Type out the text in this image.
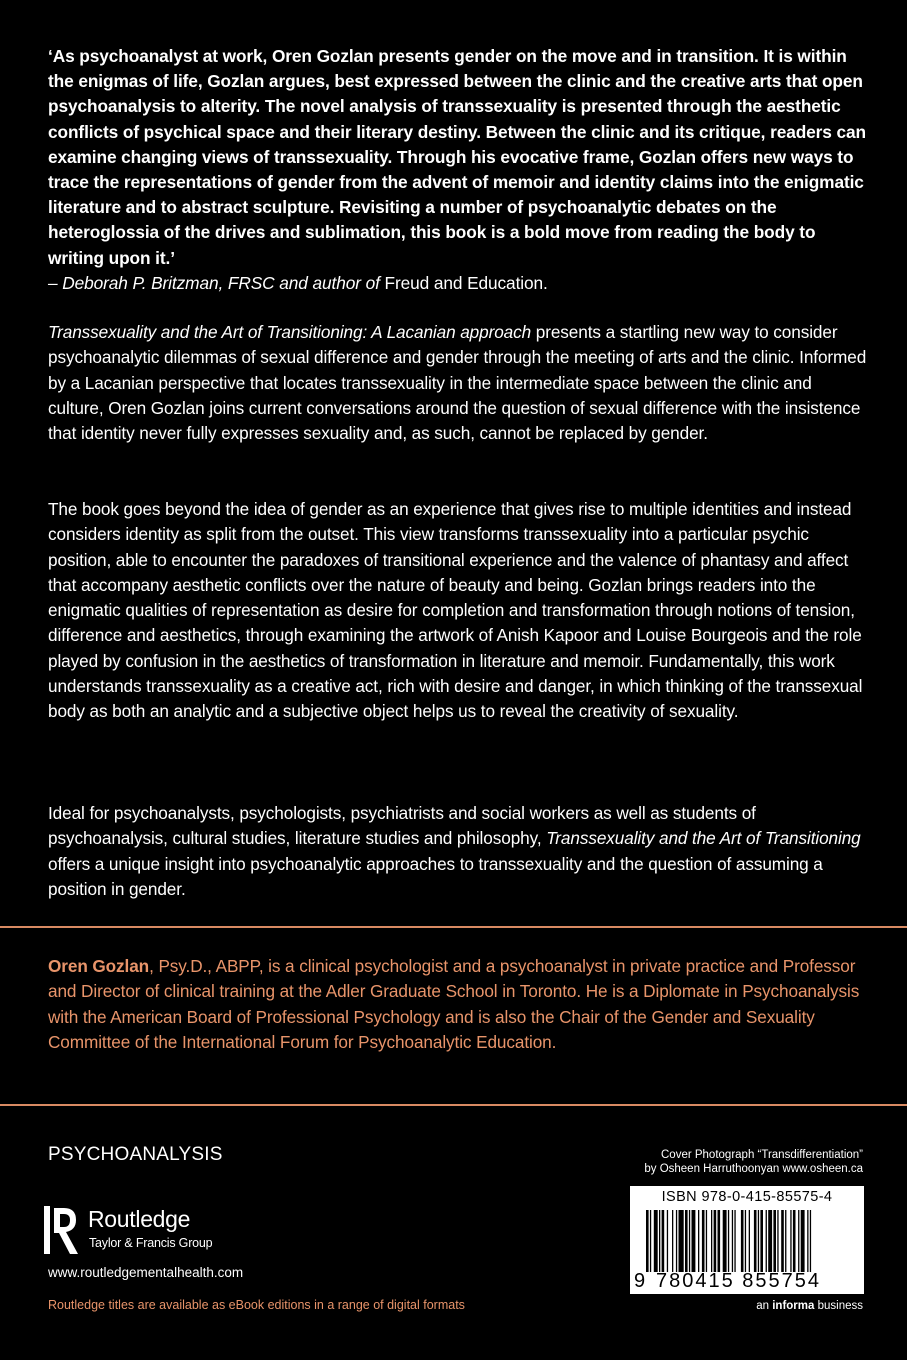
‘As psychoanalyst at work, Oren Gozlan presents gender on the move and in transition. It is within the enigmas of life, Gozlan argues, best expressed between the clinic and the creative arts that open psychoanalysis to alterity. The novel analysis of transsexuality is presented through the aesthetic conflicts of psychical space and their literary destiny. Between the clinic and its critique, readers can examine changing views of transsexuality. Through his evocative frame, Gozlan offers new ways to trace the representations of gender from the advent of memoir and identity claims into the enigmatic literature and to abstract sculpture. Revisiting a number of psychoanalytic debates on the heteroglossia of the drives and sublimation, this book is a bold move from reading the body to writing upon it.’
– Deborah P. Britzman, FRSC and author of Freud and Education.

Transsexuality and the Art of Transitioning: A Lacanian approach presents a startling new way to consider psychoanalytic dilemmas of sexual difference and gender through the meeting of arts and the clinic. Informed by a Lacanian perspective that locates transsexuality in the intermediate space between the clinic and culture, Oren Gozlan joins current conversations around the question of sexual difference with the insistence that identity never fully expresses sexuality and, as such, cannot be replaced by gender.

The book goes beyond the idea of gender as an experience that gives rise to multiple identities and instead considers identity as split from the outset. This view transforms transsexuality into a particular psychic position, able to encounter the paradoxes of transitional experience and the valence of phantasy and affect that accompany aesthetic conflicts over the nature of beauty and being. Gozlan brings readers into the enigmatic qualities of representation as desire for completion and transformation through notions of tension, difference and aesthetics, through examining the artwork of Anish Kapoor and Louise Bourgeois and the role played by confusion in the aesthetics of transformation in literature and memoir. Fundamentally, this work understands transsexuality as a creative act, rich with desire and danger, in which thinking of the transsexual body as both an analytic and a subjective object helps us to reveal the creativity of sexuality.

Ideal for psychoanalysts, psychologists, psychiatrists and social workers as well as students of psychoanalysis, cultural studies, literature studies and philosophy, Transsexuality and the Art of Transitioning offers a unique insight into psychoanalytic approaches to transsexuality and the question of assuming a position in gender.

Oren Gozlan, Psy.D., ABPP, is a clinical psychologist and a psychoanalyst in private practice and Professor and Director of clinical training at the Adler Graduate School in Toronto. He is a Diplomate in Psychoanalysis with the American Board of Professional Psychology and is also the Chair of the Gender and Sexuality Committee of the International Forum for Psychoanalytic Education.

PSYCHOANALYSIS
Routledge
Taylor & Francis Group
www.routledgementalhealth.com
Routledge titles are available as eBook editions in a range of digital formats
Cover Photograph “Transdifferentiation”
by Osheen Harruthoonyan www.osheen.ca
ISBN 978-0-415-85575-4
9 780415 855754
an informa business
